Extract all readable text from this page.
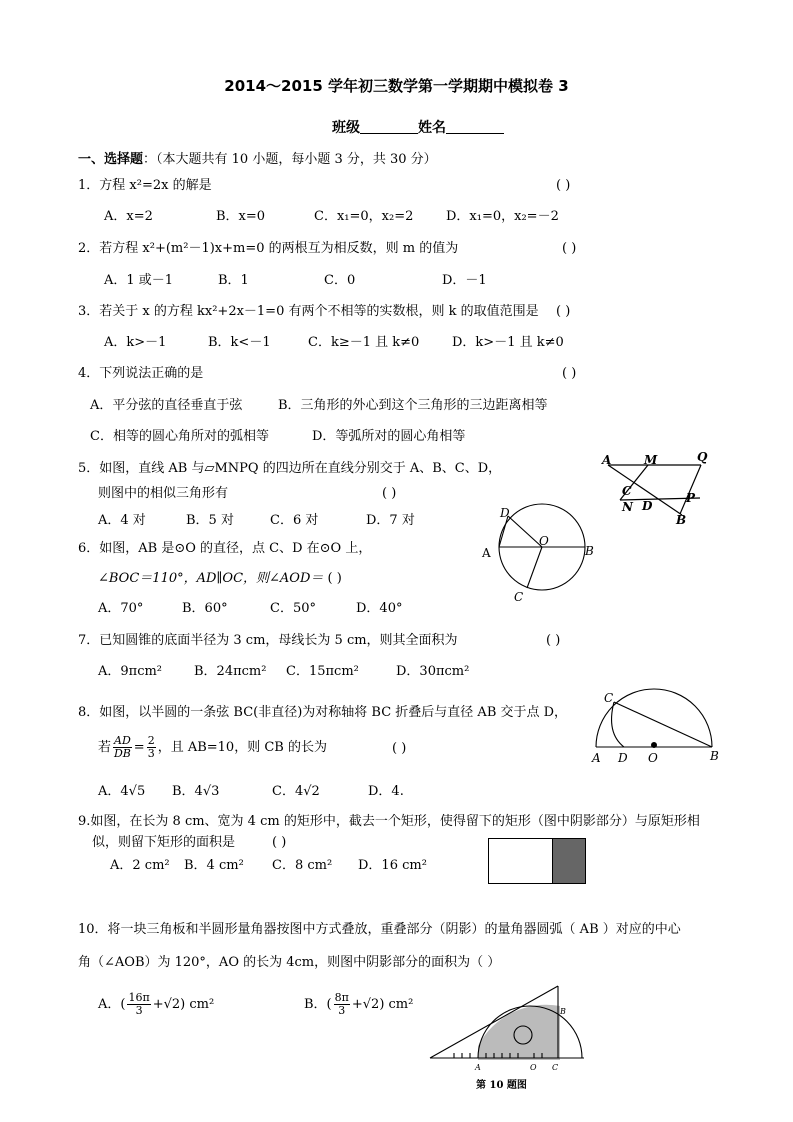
2014～2015 学年初三数学第一学期期中模拟卷 3
班级	姓名
一、选择题：（本大题共有 10 小题，每小题 3 分，共 30 分）
1．方程 x²=2x 的解是	( )
A．x=2	B．x=0	C．x₁=0，x₂=2	D．x₁=0，x₂=－2
2．若方程 x²+(m²－1)x+m=0 的两根互为相反数，则 m 的值为	( )
A．1 或－1	B．1	C．0	D．－1
3．若关于 x 的方程 kx²+2x－1=0 有两个不相等的实数根，则 k 的取值范围是 ( )
A．k>－1	B．k<－1	C．k≥－1 且 k≠0	D．k>－1 且 k≠0
4．下列说法正确的是	( )
A．平分弦的直径垂直于弦	B．三角形的外心到这个三角形的三边距离相等
C．相等的圆心角所对的弧相等	D．等弧所对的圆心角相等
5．如图，直线 AB 与▱MNPQ 的四边所在直线分别交于 A、B、C、D，
则图中的相似三角形有	( )
A．4 对	B．5 对	C．6 对	D．7 对
A	M	Q
C
N D
P
B
6．如图，AB 是⊙O 的直径，点 C、D 在⊙O 上，
∠BOC＝110°，AD∥OC，则∠AOD＝ ( )
A．70°	B．60°	C．50°	D．40°
D
A
O
B
C
7．已知圆锥的底面半径为 3 cm，母线长为 5 cm，则其全面积为	( )
A．9πcm² B．24πcm² C．15πcm²	D．30πcm²
8．如图，以半圆的一条弦 BC(非直径)为对称轴将 BC 折叠后与直径 AB 交于点 D，
若 $\frac{AD}{DB} = \frac{2}{3}$ ，且 AB=10，则 CB 的长为	( )
A．4√5 B．4√3	C．4√2	D．4.
C
A D O	B
9.如图，在长为 8 cm、宽为 4 cm 的矩形中，截去一个矩形，使得留下的矩形（图中阴影部分）与原矩形相
似，则留下矩形的面积是	( )
A．2 cm² B．4 cm² C．8 cm² D．16 cm²
10．将一块三角板和半圆形量角器按图中方式叠放，重叠部分（阴影）的量角器圆弧（ AB ）对应的中心
角（∠AOB）为 120°，AO 的长为 4cm，则图中阴影部分的面积为（ ）
A．( $\frac{16\pi}{3} +√2$) cm²	B．( $\frac{8\pi}{3} +√2$) cm²	B
A	O C
第 10 题图
